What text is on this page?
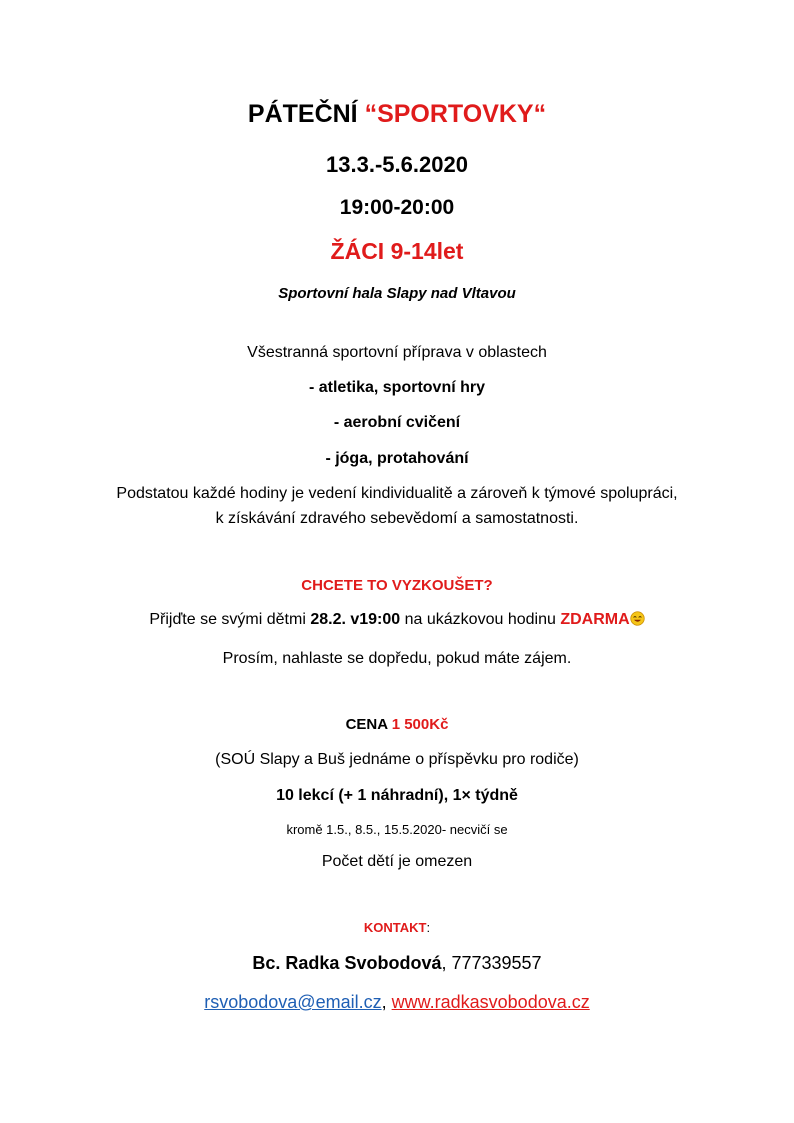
PÁTEČNÍ “SPORTOVKY“
13.3.-5.6.2020
19:00-20:00
ŽÁCI 9-14let
Sportovní hala Slapy nad Vltavou
Všestranná sportovní příprava v oblastech
- atletika, sportovní hry
- aerobní cvičení
- jóga, protahování
Podstatou každé hodiny je vedení kindividualitě a zároveň k týmové spolupráci,
k získávání zdravého sebevědomí a samostatnosti.
CHCETE TO VYZKOUŠET?
Přijďte se svými dětmi 28.2. v19:00 na ukázkovou hodinu ZDARMA
Prosím, nahlaste se dopředu, pokud máte zájem.
CENA 1 500Kč
(SOÚ Slapy a Buš jednáme o příspěvku pro rodiče)
10 lekcí (+ 1 náhradní), 1× týdně
kromě 1.5., 8.5., 15.5.2020- necvičí se
Počet dětí je omezen
KONTAKT:
Bc. Radka Svobodová, 777339557
rsvobodova@email.cz, www.radkasvobodova.cz
